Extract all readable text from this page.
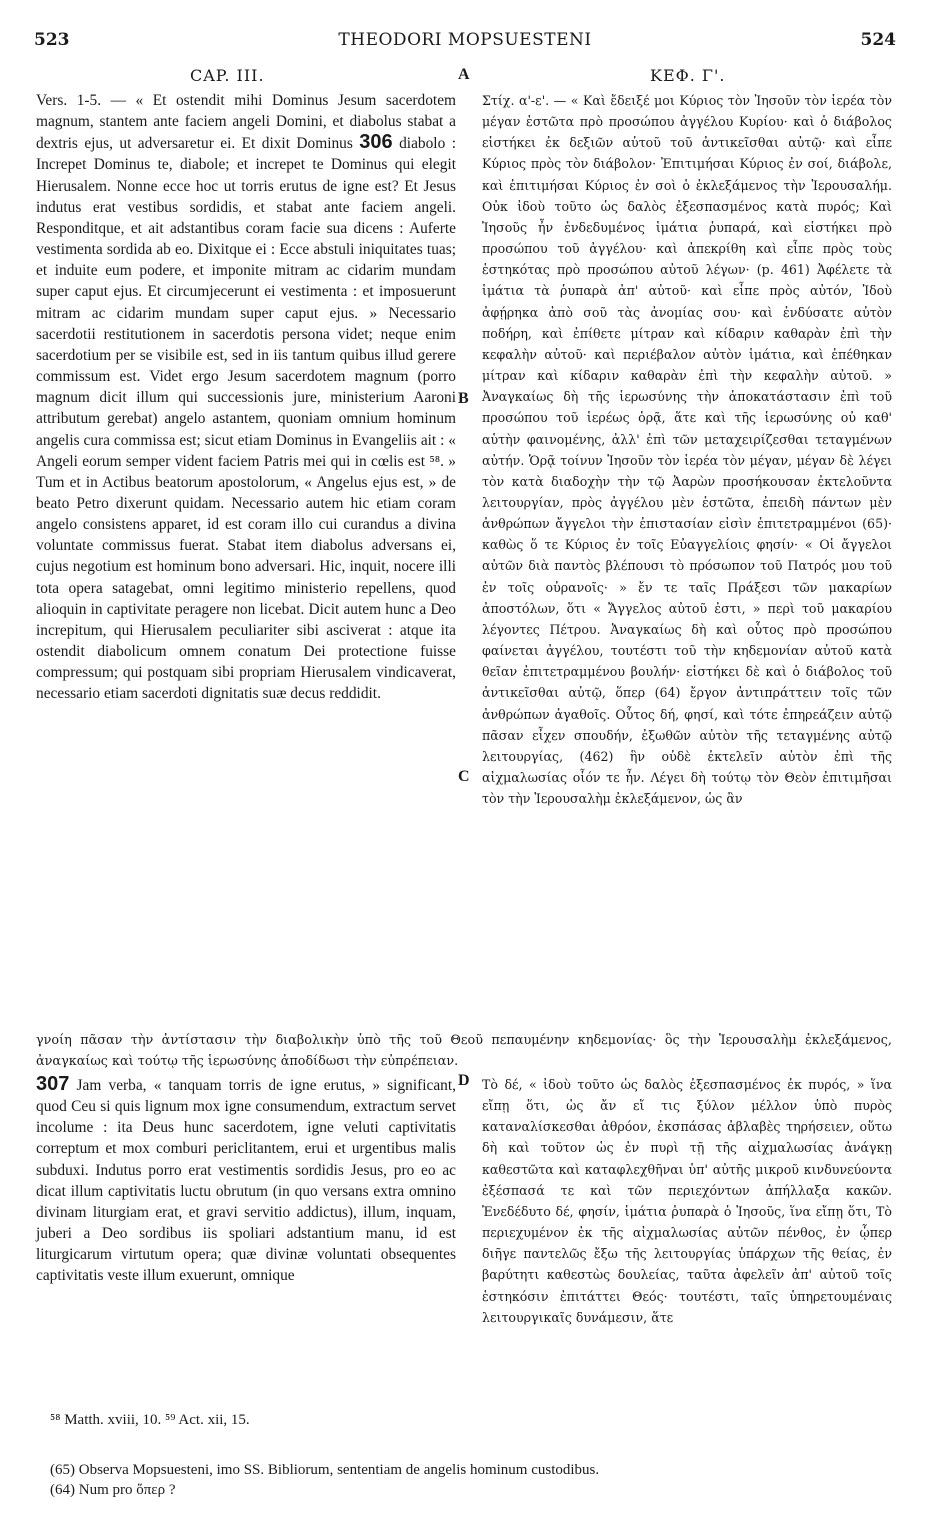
523	THEODORI MOPSUESTENI	524
CAP. III.	ΚΕΦ. Γ'.
A
B
C
D

Vers. 1-5. — « Et ostendit mihi Dominus Jesum sacerdotem magnum, stantem ante faciem angeli Domini, et diabolus stabat a dextris ejus, ut adversaretur ei. Et dixit Dominus 306 diabolo : Increpet Dominus te, diabole; et increpet te Dominus qui elegit Hierusalem. Nonne ecce hoc ut torris erutus de igne est? Et Jesus indutus erat vestibus sordidis, et stabat ante faciem angeli. Responditque, et ait adstantibus coram facie sua dicens : Auferte vestimenta sordida ab eo. Dixitque ei : Ecce abstuli iniquitates tuas; et induite eum podere, et imponite mitram ac cidarim mundam super caput ejus. Et circumjecerunt ei vestimenta : et imposuerunt mitram ac cidarim mundam super caput ejus. » Necessario sacerdotii restitutionem in sacerdotis persona videt; neque enim sacerdotium per se visibile est, sed in iis tantum quibus illud gerere commissum est. Videt ergo Jesum sacerdotem magnum (porro magnum dicit illum qui successionis jure, ministerium Aaroni attributum gerebat) angelo astantem, quoniam omnium hominum angelis cura commissa est; sicut etiam Dominus in Evangeliis ait : « Angeli eorum semper vident faciem Patris mei qui in cœlis est ⁵⁸. » Tum et in Actibus beatorum apostolorum, « Angelus ejus est, » de beato Petro dixerunt quidam. Necessario autem hic etiam coram angelo consistens apparet, id est coram illo cui curandus a divina voluntate commissus fuerat. Stabat item diabolus adversans ei, cujus negotium est hominum bono adversari. Hic, inquit, nocere illi tota opera satagebat, omni legitimo ministerio repellens, quod alioquin in captivitate peragere non licebat. Dicit autem hunc a Deo increpitum, qui Hierusalem peculiariter sibi asciverat : atque ita ostendit diabolicum omnem conatum Dei protectione fuisse compressum; qui postquam sibi propriam Hierusalem vindicaverat, necessario etiam sacerdoti dignitatis suæ decus reddidit.

Στίχ. α'-ε'. — « Καὶ ἔδειξέ μοι Κύριος τὸν Ἰησοῦν τὸν ἱερέα τὸν μέγαν ἑστῶτα πρὸ προσώπου ἀγγέλου Κυρίου· καὶ ὁ διάβολος εἱστήκει ἐκ δεξιῶν αὐτοῦ τοῦ ἀντικεῖσθαι αὐτῷ· καὶ εἶπε Κύριος πρὸς τὸν διάβολον· Ἐπιτιμήσαι Κύριος ἐν σοί, διάβολε, καὶ ἐπιτιμήσαι Κύριος ἐν σοὶ ὁ ἐκλεξάμενος τὴν Ἱερουσαλήμ. Οὐκ ἰδοὺ τοῦτο ὡς δαλὸς ἐξεσπασμένος κατὰ πυρός; Καὶ Ἰησοῦς ἦν ἐνδεδυμένος ἱμάτια ῥυπαρά, καὶ εἱστήκει πρὸ προσώπου τοῦ ἀγγέλου· καὶ ἀπεκρίθη καὶ εἶπε πρὸς τοὺς ἑστηκότας πρὸ προσώπου αὐτοῦ λέγων· (p. 461) Ἀφέλετε τὰ ἱμάτια τὰ ῥυπαρὰ ἀπ' αὐτοῦ· καὶ εἶπε πρὸς αὐτόν, Ἰδοὺ ἀφῄρηκα ἀπὸ σοῦ τὰς ἀνομίας σου· καὶ ἐνδύσατε αὐτὸν ποδήρη, καὶ ἐπίθετε μίτραν καὶ κίδαριν καθαρὰν ἐπὶ τὴν κεφαλὴν αὐτοῦ· καὶ περιέβαλον αὐτὸν ἱμάτια, καὶ ἐπέθηκαν μίτραν καὶ κίδαριν καθαρὰν ἐπὶ τὴν κεφαλὴν αὐτοῦ. » Ἀναγκαίως δὴ τῆς ἱερωσύνης τὴν ἀποκατάστασιν ἐπὶ τοῦ προσώπου τοῦ ἱερέως ὁρᾷ, ἅτε καὶ τῆς ἱερωσύνης οὐ καθ' αὑτὴν φαινομένης, ἀλλ' ἐπὶ τῶν μεταχειρίζεσθαι τεταγμένων αὐτήν. Ὁρᾷ τοίνυν Ἰησοῦν τὸν ἱερέα τὸν μέγαν, μέγαν δὲ λέγει τὸν κατὰ διαδοχὴν τὴν τῷ Ἀαρὼν προσήκουσαν ἐκτελοῦντα λειτουργίαν, πρὸς ἀγγέλου μὲν ἑστῶτα, ἐπειδὴ πάντων μὲν ἀνθρώπων ἄγγελοι τὴν ἐπιστασίαν εἰσὶν ἐπιτετραμμένοι (65)· καθὼς ὅ τε Κύριος ἐν τοῖς Εὐαγγελίοις φησίν· « Οἱ ἄγγελοι αὐτῶν διὰ παντὸς βλέπουσι τὸ πρόσωπον τοῦ Πατρός μου τοῦ ἐν τοῖς οὐρανοῖς· » ἔν τε ταῖς Πράξεσι τῶν μακαρίων ἀποστόλων, ὅτι « Ἄγγελος αὐτοῦ ἐστι, » περὶ τοῦ μακαρίου λέγοντες Πέτρου. Ἀναγκαίως δὴ καὶ οὗτος πρὸ προσώπου φαίνεται ἀγγέλου, τουτέστι τοῦ τὴν κηδεμονίαν αὐτοῦ κατὰ θεῖαν ἐπιτετραμμένου βουλήν· εἱστήκει δὲ καὶ ὁ διάβολος τοῦ ἀντικεῖσθαι αὐτῷ, ὅπερ (64) ἔργον ἀντιπράττειν τοῖς τῶν ἀνθρώπων ἀγαθοῖς. Οὗτος δή, φησί, καὶ τότε ἐπηρεάζειν αὐτῷ πᾶσαν εἶχεν σπουδήν, ἐξωθῶν αὐτὸν τῆς τεταγμένης αὐτῷ λειτουργίας, (462) ἣν οὐδὲ ἐκτελεῖν αὐτὸν ἐπὶ τῆς αἰχμαλωσίας οἷόν τε ἦν. Λέγει δὴ τούτῳ τὸν Θεὸν ἐπιτιμῆσαι τὸν τὴν Ἱερουσαλὴμ ἐκλεξάμενον, ὡς ἂν

γνοίη πᾶσαν τὴν ἀντίστασιν τὴν διαβολικὴν ὑπὸ τῆς τοῦ Θεοῦ πεπαυμένην κηδεμονίας· ὃς τὴν Ἱερουσαλὴμ ἐκλεξάμενος, ἀναγκαίως καὶ τούτῳ τῆς ἱερωσύνης ἀποδίδωσι τὴν εὐπρέπειαν.

307 Jam verba, « tanquam torris de igne erutus, » significant, quod Ceu si quis lignum mox igne consumendum, extractum servet incolume : ita Deus hunc sacerdotem, igne veluti captivitatis correptum et mox comburi periclitantem, erui et urgentibus malis subduxi. Indutus porro erat vestimentis sordidis Jesus, pro eo ac dicat illum captivitatis luctu obrutum (in quo versans extra omnino divinam liturgiam erat, et gravi servitio addictus), illum, inquam, juberi a Deo sordibus iis spoliari adstantium manu, id est liturgicarum virtutum opera; quæ divinæ voluntati obsequentes captivitatis veste illum exuerunt, omnique

Τὸ δέ, « ἰδοὺ τοῦτο ὡς δαλὸς ἐξεσπασμένος ἐκ πυρός, » ἵνα εἴπῃ ὅτι, ὡς ἄν εἴ τις ξύλον μέλλον ὑπὸ πυρὸς καταναλίσκεσθαι ἀθρόον, ἐκσπάσας ἀβλαβὲς τηρήσειεν, οὕτω δὴ καὶ τοῦτον ὡς ἐν πυρὶ τῇ τῆς αἰχμαλωσίας ἀνάγκῃ καθεστῶτα καὶ καταφλεχθῆναι ὑπ' αὐτῆς μικροῦ κινδυνεύοντα ἐξέσπασά τε καὶ τῶν περιεχόντων ἀπήλλαξα κακῶν. Ἐνεδέδυτο δέ, φησίν, ἱμάτια ῥυπαρὰ ὁ Ἰησοῦς, ἵνα εἴπῃ ὅτι, Τὸ περιεχυμένον ἐκ τῆς αἰχμαλωσίας αὐτῶν πένθος, ἐν ᾧπερ διῆγε παντελῶς ἔξω τῆς λειτουργίας ὑπάρχων τῆς θείας, ἐν βαρύτητι καθεστὼς δουλείας, ταῦτα ἀφελεῖν ἀπ' αὐτοῦ τοῖς ἑστηκόσιν ἐπιτάττει Θεός· τουτέστι, ταῖς ὑπηρετουμέναις λειτουργικαῖς δυνάμεσιν, ἅτε

⁵⁸ Matth. xviii, 10. ⁵⁹ Act. xii, 15.
(65) Observa Mopsuesteni, imo SS. Bibliorum, sententiam de angelis hominum custodibus.
(64) Num pro ὅπερ ?
